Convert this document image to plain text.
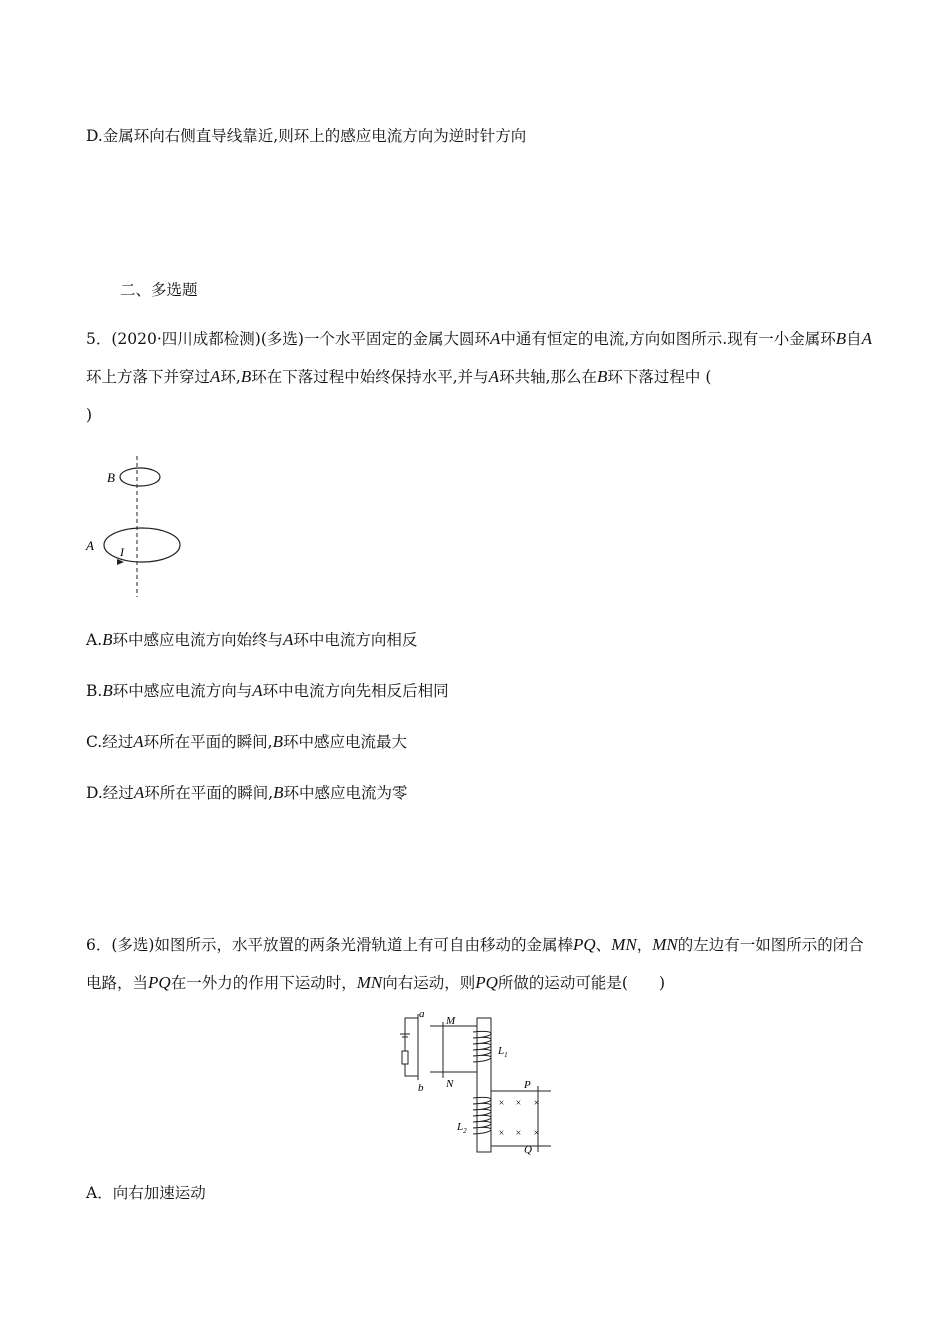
D.金属环向右侧直导线靠近,则环上的感应电流方向为逆时针方向
二、多选题
5．(2020·四川成都检测)(多选)一个水平固定的金属大圆环A中通有恒定的电流,方向如图所示.现有一小金属环B自A环上方落下并穿过A环,B环在下落过程中始终保持水平,并与A环共轴,那么在B环下落过程中 (
)
B
A I
A.B环中感应电流方向始终与A环中电流方向相反
B.B环中感应电流方向与A环中电流方向先相反后相同
C.经过A环所在平面的瞬间,B环中感应电流最大
D.经过A环所在平面的瞬间,B环中感应电流为零
6．(多选)如图所示，水平放置的两条光滑轨道上有可自由移动的金属棒PQ、MN，MN的左边有一如图所示的闭合电路，当PQ在一外力的作用下运动时，MN向右运动，则PQ所做的运动可能是(　　)
a
b
M
N
$L_1$
$L_2$
P
Q
× × ×
× × ×
A．向右加速运动
